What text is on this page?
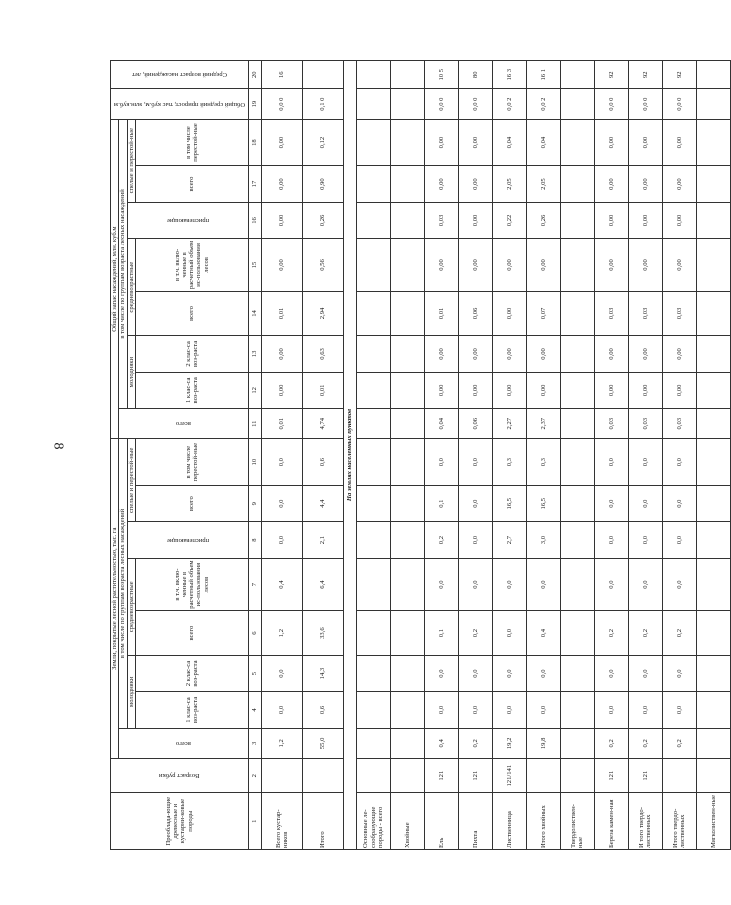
8
Преоблада-ющие древесные и кустарни-ковые породы	Возраст рубки	Земли, покрытые лесной растительностью, тыс. га								Общий запас насаждений, млн. куб.м								Общий средний прирост, тыс куб.м, млн.куб.м	Средний возраст насаждений, лет

		всего	в том числе по группам возраста лесных насаждений							всего	в том числе по группам возраста лесных насаждений								
			молодняки		средневозрастные		приспевающие	спелые и перестой-ные			молодняки		средневозрастные		приспевающие	спелые и перестой-ные			
			1 клас-са воз-раста	2 клас-са воз-раста	всего	в т.ч. вклю-ченные в расчетный объем ис-пользования лесов		всего	в том числе перестой-ные		1 клас-са воз-раста	2 клас-са воз-раста	всего	в т.ч. вклю-ченные в расчетный объем ис-пользования лесов		всего	в том числе перестой-ные		
1	2	3	4	5	6	7	8	9	10	11	12	13	14	15	16	17	18	19	20
Всего кустар-ников		1,2	0,0	0,0	1,2	0,4	0,0	0,0	0,0	0,01	0,00	0,00	0,01	0,00	0,00	0,00	0,00	0,0 0	16
Итого		55,0	0,6	14,3	33,6	6,4	2,1	4,4	0,6	4,74	0,01	0,63	2,94	0,56	0,26	0,90	0,12	0,1 0	
На землях населенных пунктов																			
Основные ле-сообразующие породы - всего																			
Хвойные																			
Ель	121	0,4	0,0	0,0	0,1	0,0	0,2	0,1	0,0	0,04	0,00	0,00	0,01	0,00	0,03	0,00	0,00	0,0 0	10 5
Пихта	121	0,2	0,0	0,0	0,2	0,0	0,0	0,0	0,0	0,06	0,00	0,00	0,06	0,00	0,00	0,00	0,00	0,0 0	80
Лиственница	121/141	19,2	0,0	0,0	0,0	0,0	2,7	16,5	0,3	2,27	0,00	0,00	0,00	0,00	0,22	2,05	0,04	0,0 2	16 3
Итого хвойных		19,8	0,0	0,0	0,4	0,0	3,0	16,5	0,3	2,37	0,00	0,00	0,07	0,00	0,26	2,05	0,04	0,0 2	16 1
Твердолиствен-ные																			
Береза камен-ная	121	0,2	0,0	0,0	0,2	0,0	0,0	0,0	0,0	0,03	0,00	0,00	0,03	0,00	0,00	0,00	0,00	0,0 0	92
И того твердо-лиственных	121	0,2	0,0	0,0	0,2	0,0	0,0	0,0	0,0	0,03	0,00	0,00	0,03	0,00	0,00	0,00	0,00	0,0 0	92
Итого твердо-лиственных		0,2	0,0	0,0	0,2	0,0	0,0	0,0	0,0	0,03	0,00	0,00	0,03	0,00	0,00	0,00	0,00	0,0 0	92
Мягколиствен-ные																			
